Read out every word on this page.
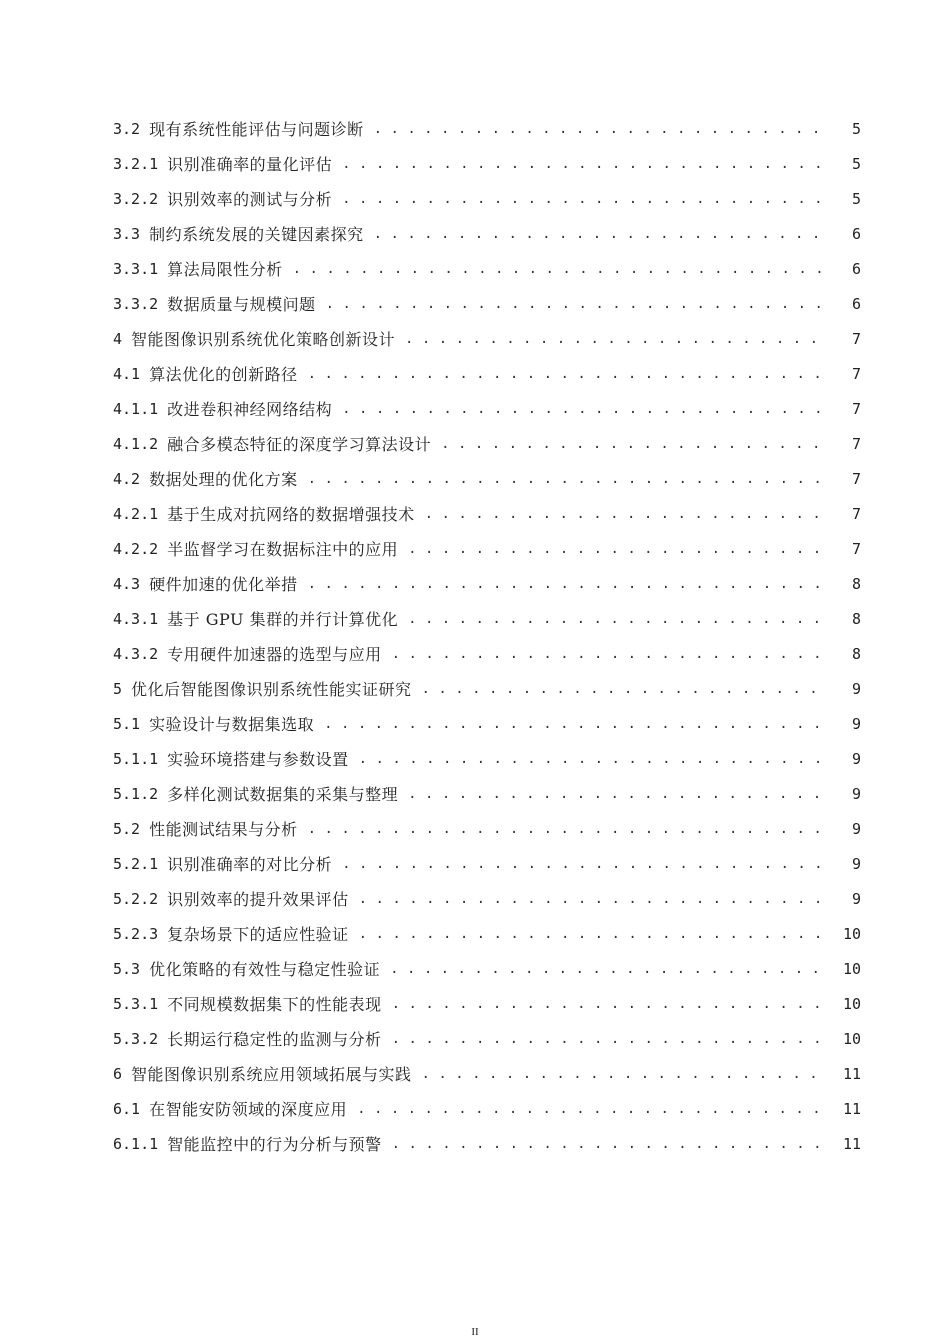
3.2 现有系统性能评估与问题诊断 . . .	5
3.2.1 识别准确率的量化评估 . . .	5
3.2.2 识别效率的测试与分析 . . .	5
3.3 制约系统发展的关键因素探究 . . .	6
3.3.1 算法局限性分析 . . .	6
3.3.2 数据质量与规模问题 . . .	6
4 智能图像识别系统优化策略创新设计 . . .	7
4.1 算法优化的创新路径 . . .	7
4.1.1 改进卷积神经网络结构 . . .	7
4.1.2 融合多模态特征的深度学习算法设计 . . .	7
4.2 数据处理的优化方案 . . .	7
4.2.1 基于生成对抗网络的数据增强技术 . . .	7
4.2.2 半监督学习在数据标注中的应用 . . .	7
4.3 硬件加速的优化举措 . . .	8
4.3.1 基于 GPU 集群的并行计算优化 . . .	8
4.3.2 专用硬件加速器的选型与应用 . . .	8
5 优化后智能图像识别系统性能实证研究 . . .	9
5.1 实验设计与数据集选取 . . .	9
5.1.1 实验环境搭建与参数设置 . . .	9
5.1.2 多样化测试数据集的采集与整理 . . .	9
5.2 性能测试结果与分析 . . .	9
5.2.1 识别准确率的对比分析 . . .	9
5.2.2 识别效率的提升效果评估 . . .	9
5.2.3 复杂场景下的适应性验证 . . .	10
5.3 优化策略的有效性与稳定性验证 . . .	10
5.3.1 不同规模数据集下的性能表现 . . .	10
5.3.2 长期运行稳定性的监测与分析 . . .	10
6 智能图像识别系统应用领域拓展与实践 . . .	11
6.1 在智能安防领域的深度应用 . . .	11
6.1.1 智能监控中的行为分析与预警 . . .	11
II
